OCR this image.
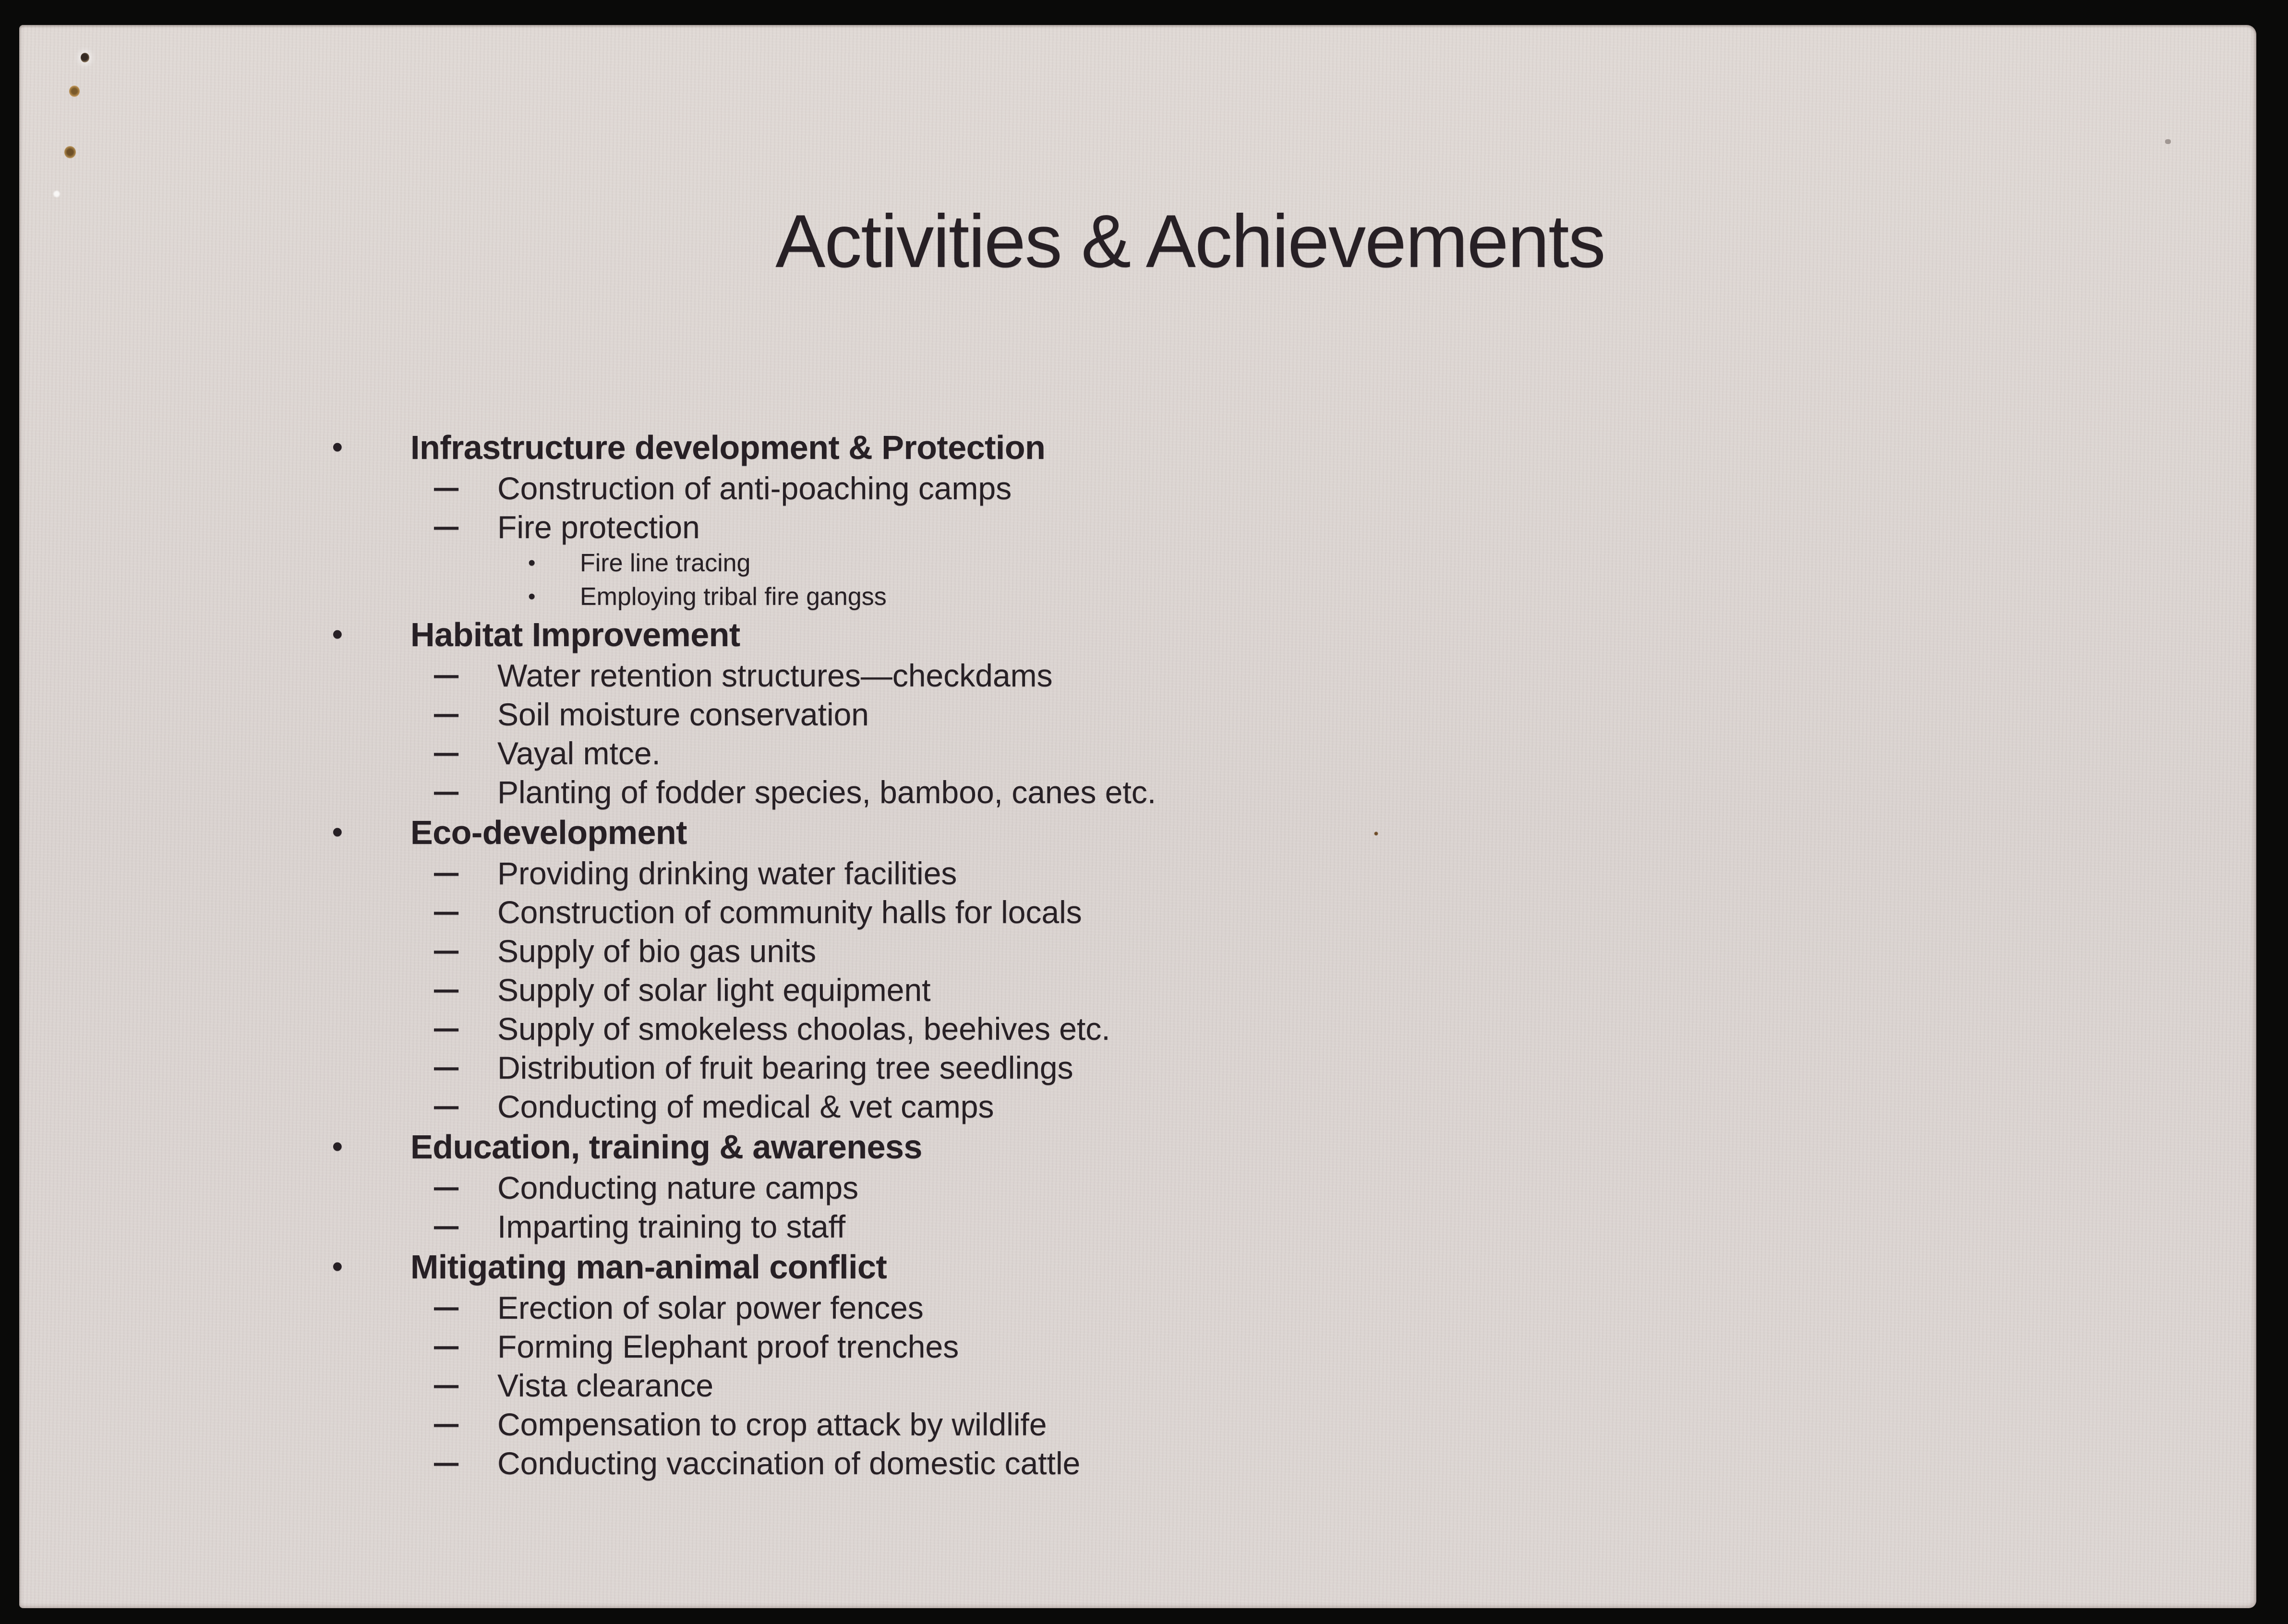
Activities & Achievements
• Infrastructure development & Protection
– Construction of anti-poaching camps
– Fire protection
• Fire line tracing
• Employing tribal fire gangss
• Habitat Improvement
– Water retention structures—checkdams
– Soil moisture conservation
– Vayal mtce.
– Planting of fodder species, bamboo, canes etc.
• Eco-development
– Providing drinking water facilities
– Construction of community halls for locals
– Supply of bio gas units
– Supply of solar light equipment
– Supply of smokeless choolas, beehives etc.
– Distribution of fruit bearing tree seedlings
– Conducting of medical & vet camps
• Education, training & awareness
– Conducting nature camps
– Imparting training to staff
• Mitigating man-animal conflict
– Erection of solar power fences
– Forming Elephant proof trenches
– Vista clearance
– Compensation to crop attack by wildlife
– Conducting vaccination of domestic cattle
